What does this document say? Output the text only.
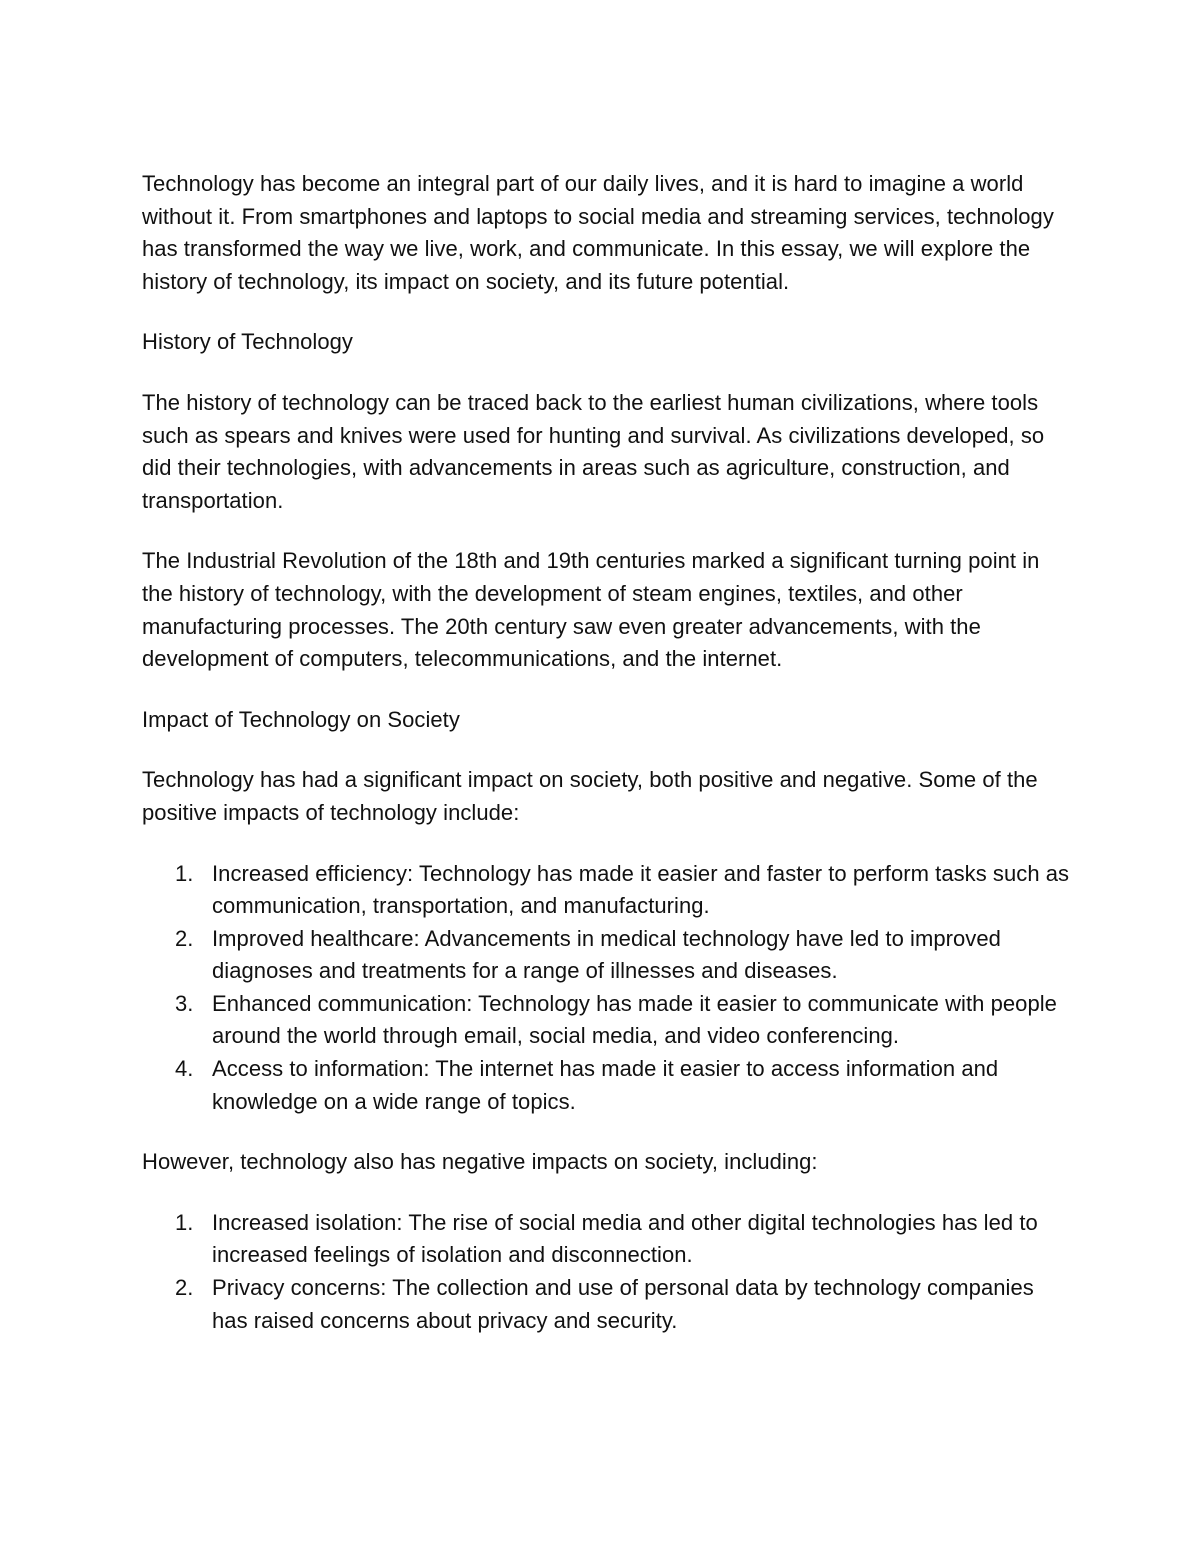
Technology has become an integral part of our daily lives, and it is hard to imagine a world without it. From smartphones and laptops to social media and streaming services, technology has transformed the way we live, work, and communicate. In this essay, we will explore the history of technology, its impact on society, and its future potential.

History of Technology

The history of technology can be traced back to the earliest human civilizations, where tools such as spears and knives were used for hunting and survival. As civilizations developed, so did their technologies, with advancements in areas such as agriculture, construction, and transportation.

The Industrial Revolution of the 18th and 19th centuries marked a significant turning point in the history of technology, with the development of steam engines, textiles, and other manufacturing processes. The 20th century saw even greater advancements, with the development of computers, telecommunications, and the internet.

Impact of Technology on Society

Technology has had a significant impact on society, both positive and negative. Some of the positive impacts of technology include:

1. Increased efficiency: Technology has made it easier and faster to perform tasks such as communication, transportation, and manufacturing.
2. Improved healthcare: Advancements in medical technology have led to improved diagnoses and treatments for a range of illnesses and diseases.
3. Enhanced communication: Technology has made it easier to communicate with people around the world through email, social media, and video conferencing.
4. Access to information: The internet has made it easier to access information and knowledge on a wide range of topics.

However, technology also has negative impacts on society, including:

1. Increased isolation: The rise of social media and other digital technologies has led to increased feelings of isolation and disconnection.
2. Privacy concerns: The collection and use of personal data by technology companies has raised concerns about privacy and security.
